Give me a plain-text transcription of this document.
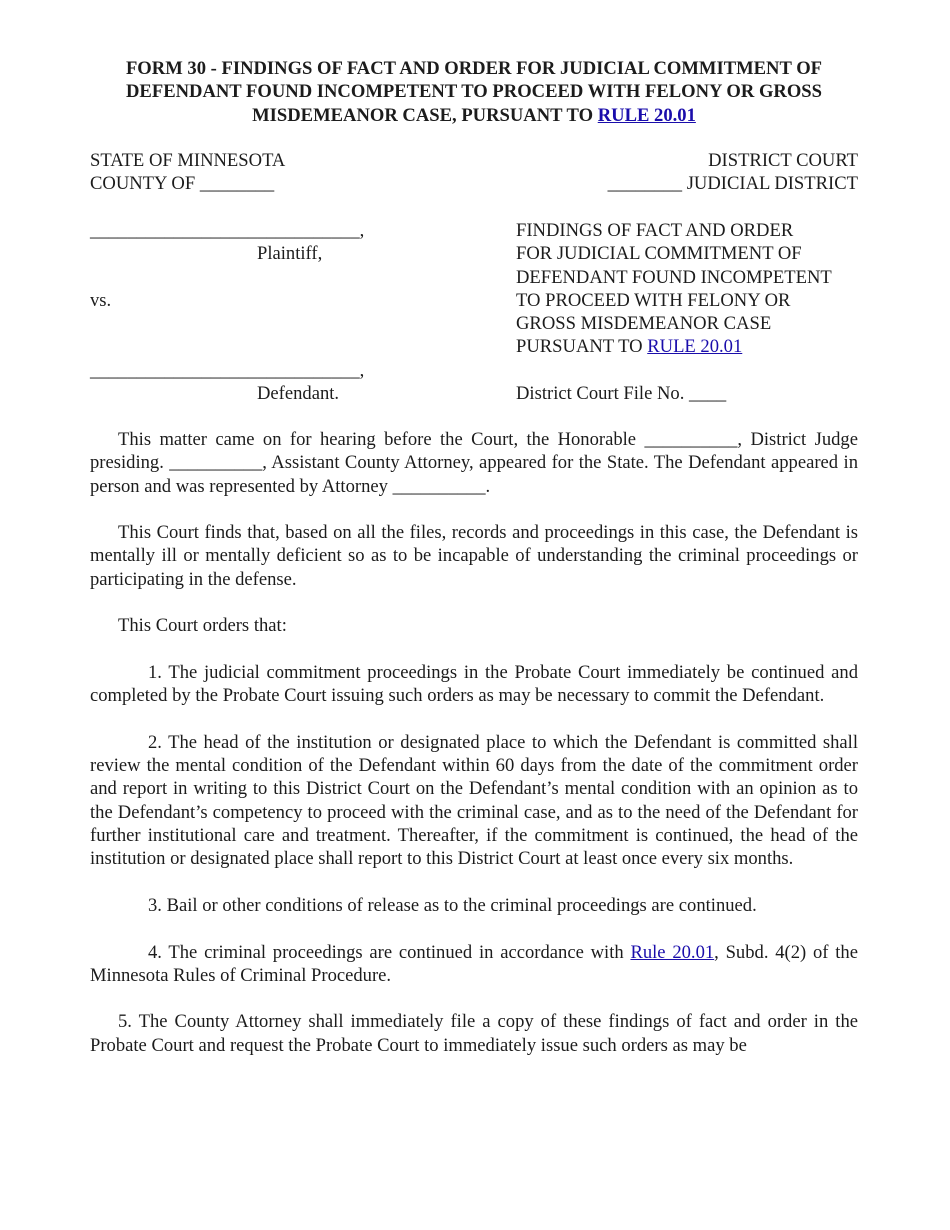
FORM 30 - FINDINGS OF FACT AND ORDER FOR JUDICIAL COMMITMENT OF
DEFENDANT FOUND INCOMPETENT TO PROCEED WITH FELONY OR GROSS
MISDEMEANOR CASE, PURSUANT TO RULE 20.01
STATE OF MINNESOTA
COUNTY OF ________
DISTRICT COURT
________ JUDICIAL DISTRICT
_____________________________,
Plaintiff,
vs.
_____________________________,
Defendant.
FINDINGS OF FACT AND ORDER
FOR JUDICIAL COMMITMENT OF
DEFENDANT FOUND INCOMPETENT
TO PROCEED WITH FELONY OR
GROSS MISDEMEANOR CASE
PURSUANT TO RULE 20.01
District Court File No. ____

This matter came on for hearing before the Court, the Honorable __________, District Judge presiding. __________, Assistant County Attorney, appeared for the State. The Defendant appeared in person and was represented by Attorney __________.

This Court finds that, based on all the files, records and proceedings in this case, the Defendant is mentally ill or mentally deficient so as to be incapable of understanding the criminal proceedings or participating in the defense.

This Court orders that:

1. The judicial commitment proceedings in the Probate Court immediately be continued and completed by the Probate Court issuing such orders as may be necessary to commit the Defendant.

2. The head of the institution or designated place to which the Defendant is committed shall review the mental condition of the Defendant within 60 days from the date of the commitment order and report in writing to this District Court on the Defendant’s mental condition with an opinion as to the Defendant’s competency to proceed with the criminal case, and as to the need of the Defendant for further institutional care and treatment. Thereafter, if the commitment is continued, the head of the institution or designated place shall report to this District Court at least once every six months.

3. Bail or other conditions of release as to the criminal proceedings are continued.

4. The criminal proceedings are continued in accordance with Rule 20.01, Subd. 4(2) of the Minnesota Rules of Criminal Procedure.

5. The County Attorney shall immediately file a copy of these findings of fact and order in the Probate Court and request the Probate Court to immediately issue such orders as may be
